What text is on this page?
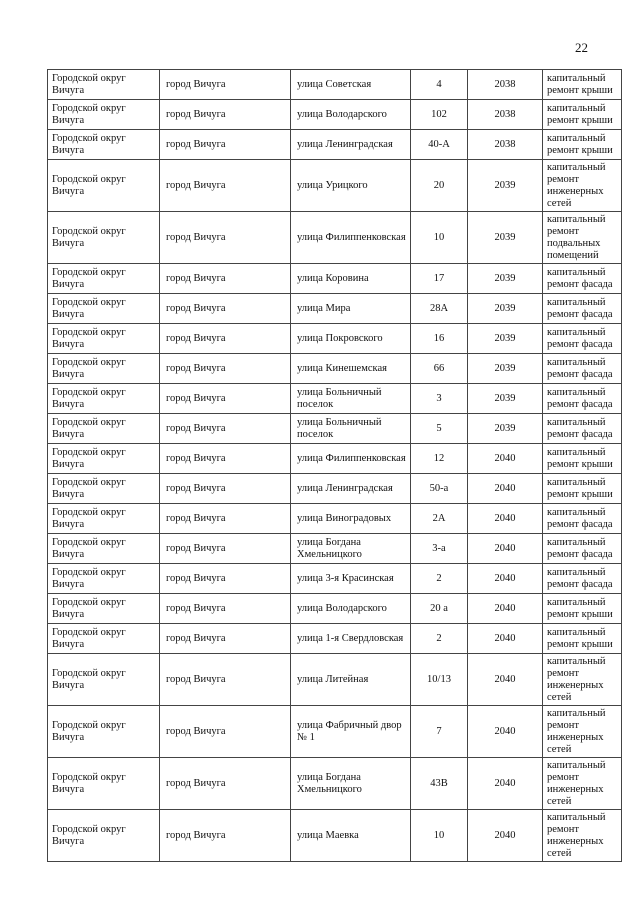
22
Городской округ Вичуга	город Вичуга	улица Советская	4	2038	капитальный ремонт крыши
Городской округ Вичуга	город Вичуга	улица Володарского	102	2038	капитальный ремонт крыши
Городской округ Вичуга	город Вичуга	улица Ленинградская	40-А	2038	капитальный ремонт крыши
Городской округ Вичуга	город Вичуга	улица Урицкого	20	2039	капитальный ремонт инженерных сетей
Городской округ Вичуга	город Вичуга	улица Филиппенковская	10	2039	капитальный ремонт подвальных помещений
Городской округ Вичуга	город Вичуга	улица Коровина	17	2039	капитальный ремонт фасада
Городской округ Вичуга	город Вичуга	улица Мира	28А	2039	капитальный ремонт фасада
Городской округ Вичуга	город Вичуга	улица Покровского	16	2039	капитальный ремонт фасада
Городской округ Вичуга	город Вичуга	улица Кинешемская	66	2039	капитальный ремонт фасада
Городской округ Вичуга	город Вичуга	улица Больничный поселок	3	2039	капитальный ремонт фасада
Городской округ Вичуга	город Вичуга	улица Больничный поселок	5	2039	капитальный ремонт фасада
Городской округ Вичуга	город Вичуга	улица Филиппенковская	12	2040	капитальный ремонт крыши
Городской округ Вичуга	город Вичуга	улица Ленинградская	50-а	2040	капитальный ремонт крыши
Городской округ Вичуга	город Вичуга	улица Виноградовых	2А	2040	капитальный ремонт фасада
Городской округ Вичуга	город Вичуга	улица Богдана Хмельницкого	3-а	2040	капитальный ремонт фасада
Городской округ Вичуга	город Вичуга	улица 3-я Красинская	2	2040	капитальный ремонт фасада
Городской округ Вичуга	город Вичуга	улица Володарского	20 а	2040	капитальный ремонт крыши
Городской округ Вичуга	город Вичуга	улица 1-я Свердловская	2	2040	капитальный ремонт крыши
Городской округ Вичуга	город Вичуга	улица Литейная	10/13	2040	капитальный ремонт инженерных сетей
Городской округ Вичуга	город Вичуга	улица Фабричный двор № 1	7	2040	капитальный ремонт инженерных сетей
Городской округ Вичуга	город Вичуга	улица Богдана Хмельницкого	43В	2040	капитальный ремонт инженерных сетей
Городской округ Вичуга	город Вичуга	улица Маевка	10	2040	капитальный ремонт инженерных сетей
